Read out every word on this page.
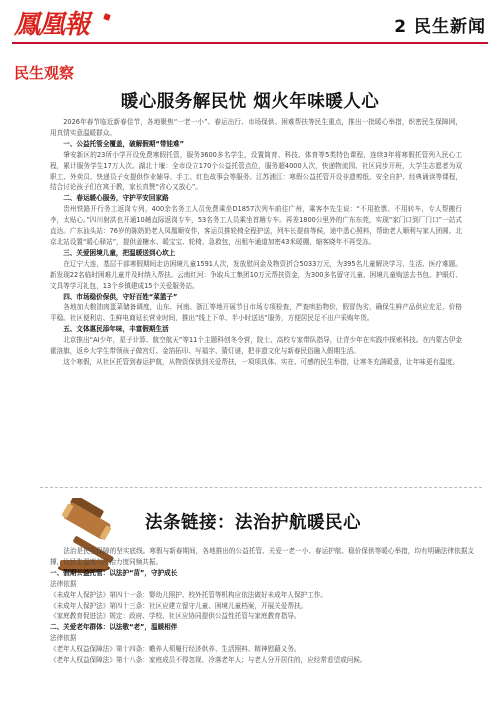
鳳凰報	2 民生新闻
民生观察
暖心服务解民忧 烟火年味暖人心

2026年春节临近新春佳节，各地聚焦“一老一小”、春运出行、市场保供、困难帮扶等民生重点，推出一批暖心举措，织密民生保障网，用真情实意温暖群众。

一、公益托管全覆盖，破解假期“带娃难”

肇安新区的23所小学开设免费寒假托管，服务3600多名学生，设置简育、科技、体育等5类特色课程，连续3年将寒假托管列入民心工程，累计服务学生17万人次。湖北十堰：全市设立170个公益托管点位，服务超4000人次，快递物流园、社区同步开班，大学生志愿者为双职工、外卖员、快递员子女提供作业辅导、手工、红色故事会等服务。江苏浦江：寒假公益托管开设非遗剪纸、安全自护、经典诵读等课程，结合讨论孩子们在寓于教，家长真赞“省心又放心”。

二、春运暖心服务，守护平安回家路

贵州铁路开行务工返岗专列，400余名务工人员免费乘坐D1857次列车前往广州，乘客李先生说：“不用抢票、不用转车，专人帮搬行李，太贴心。”四川射洪也开通10趟直际返岗专车，53名务工人员乘坐首趟专车。再差1800公里外的广东东莞，实现“家门口到厂门口”一站式直达。广东汕头站：76岁的陈奶奶老人凤凰顺安作，客运员推轮椅全程护送，列车长提前等候，途中悉心照料，帮助老人顺利与家人团圆。北京北站设置“暖心驿站”，提供姜糖水、暖宝宝、轮椅、急救包，出租车通道加密43米暖棚，缩客晓年不再受冻。

三、关爱困境儿童，把温暖送到心坎上

在辽宁大连，基层干部寒假期间走访困境儿童1591人次，发放慰问金及物资折合5033万元，为395名儿童解决学习、生活、医疗难题。新发现22名临时困难儿童并及时纳入帮扶。云南红河：争取兵工集团10万元帮扶资金，为300多名留守儿童、困境儿童购送去书包、护眼灯、文具等学习礼包，13个乡镇建成15个关爱服务站。

四、市场稳价保供，守好百姓“菜篮子”

各地加大粮油肉蛋菜储备调度，山东、河南、浙江等地开展节日市场专项检查，严查哄抬物价，假冒伪劣，确保生鲜产品供应充足、价格平稳。社区便利店、生鲜电商延长营业时间，推出“线上下单、半小时送达”服务，方便居民足不出户采购年货。

五、文体惠民添年味，丰富假期生活

北京推出“AI少年，星子计算、航空航天”等11个主题科创冬令营，院士、高校专家带队指导，让青少年在实践中探索科技。在内蒙古伊金霍洛旗，返乡大学生带领孩子做宫灯、金箔拓印、写福字、猜灯谜，把非遗文化与新春民俗融入假期生活。

这个寒假，从社区托管到春运护航，从物资保供到关爱帮扶，一项项具体、实在、可感的民生举措，让寒冬充满暖意，让年味更有温度。

法条链接：法治护航暖民心

法治是民生保障的坚实底线。寒假与新春期间，各地推出的公益托管、关爱一老一小、春运护航、稳价保供等暖心举措，均有明确法律依据支撑，让民生温度与法治力度同频共振。

一、假期公益托管：以法护“苗”，守护成长

法律依据

《未成年人保护法》第四十一条：婴幼儿照护、校外托管等机构应依法做好未成年人保护工作。

《未成年人保护法》第四十三条：社区应建立留守儿童、困境儿童档案，开展关爱帮扶。

《家庭教育促进法》规定：政府、学校、社区应协同提供公益性托管与家庭教育指导。

二、关爱老年群体：以法敬“老”，温暖相伴

法律依据

《老年人权益保障法》第十四条：赡养人须履行经济供养、生活照料、精神慰藉义务。

《老年人权益保障法》第十八条：家庭成员不得忽视、冷落老年人；与老人分开居住的，应经常看望或问候。
